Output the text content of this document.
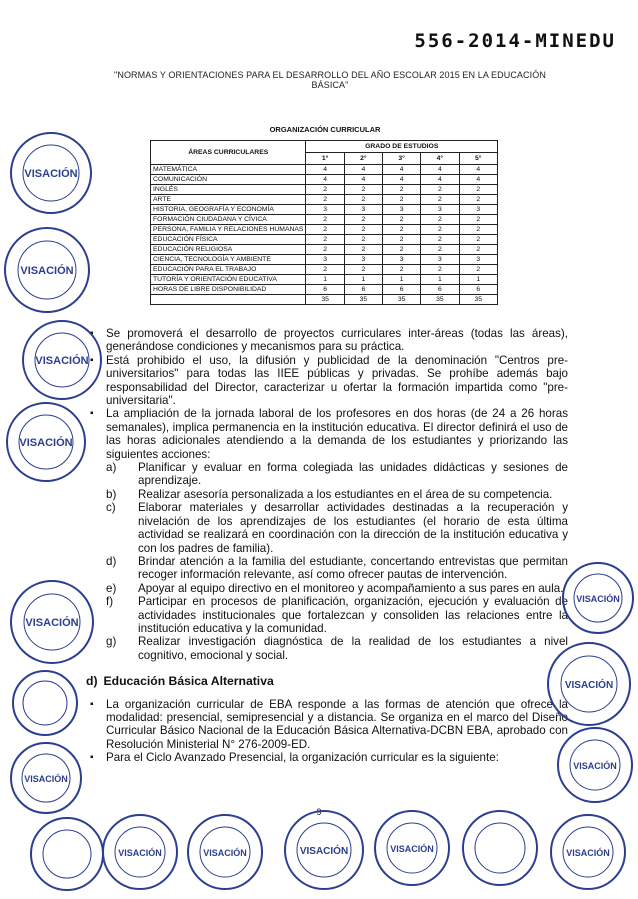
556-2014-MINEDU
"NORMAS Y ORIENTACIONES PARA EL DESARROLLO DEL AÑO ESCOLAR 2015 EN LA EDUCACIÓN BÁSICA"
ORGANIZACIÓN CURRICULAR
ÁREAS CURRICULARES	GRADO DE ESTUDIOS				
	1°	2°	3°	4°	5°
MATEMÁTICA	4	4	4	4	4
COMUNICACIÓN	4	4	4	4	4
INGLÉS	2	2	2	2	2
ARTE	2	2	2	2	2
HISTORIA, GEOGRAFÍA Y ECONOMÍA	3	3	3	3	3
FORMACIÓN CIUDADANA Y CÍVICA	2	2	2	2	2
PERSONA, FAMILIA Y RELACIONES HUMANAS	2	2	2	2	2
EDUCACIÓN FÍSICA	2	2	2	2	2
EDUCACIÓN RELIGIOSA	2	2	2	2	2
CIENCIA, TECNOLOGÍA Y AMBIENTE	3	3	3	3	3
EDUCACIÓN PARA EL TRABAJO	2	2	2	2	2
TUTORÍA Y ORIENTACIÓN EDUCATIVA	1	1	1	1	1
HORAS DE LIBRE DISPONIBILIDAD	6	6	6	6	6
	35	35	35	35	35
▪ Se promoverá el desarrollo de proyectos curriculares inter-áreas (todas las áreas), generándose condiciones y mecanismos para su práctica.
▪ Está prohibido el uso, la difusión y publicidad de la denominación "Centros pre-universitarios" para todas las IIEE públicas y privadas. Se prohíbe además bajo responsabilidad del Director, caracterizar u ofertar la formación impartida como "pre-universitaria".
▪ La ampliación de la jornada laboral de los profesores en dos horas (de 24 a 26 horas semanales), implica permanencia en la institución educativa. El director definirá el uso de las horas adicionales atendiendo a la demanda de los estudiantes y priorizando las siguientes acciones:
a) Planificar y evaluar en forma colegiada las unidades didácticas y sesiones de aprendizaje.
b) Realizar asesoría personalizada a los estudiantes en el área de su competencia.
c) Elaborar materiales y desarrollar actividades destinadas a la recuperación y nivelación de los aprendizajes de los estudiantes (el horario de esta última actividad se realizará en coordinación con la dirección de la institución educativa y con los padres de familia).
d) Brindar atención a la familia del estudiante, concertando entrevistas que permitan recoger información relevante, así como ofrecer pautas de intervención.
e) Apoyar al equipo directivo en el monitoreo y acompañamiento a sus pares en aula.
f) Participar en procesos de planificación, organización, ejecución y evaluación de actividades institucionales que fortalezcan y consoliden las relaciones entre la institución educativa y la comunidad.
g) Realizar investigación diagnóstica de la realidad de los estudiantes a nivel cognitivo, emocional y social.
d) Educación Básica Alternativa
▪ La organización curricular de EBA responde a las formas de atención que ofrece la modalidad: presencial, semipresencial y a distancia. Se organiza en el marco del Diseño Curricular Básico Nacional de la Educación Básica Alternativa-DCBN EBA, aprobado con Resolución Ministerial N° 276-2009-ED.
▪ Para el Ciclo Avanzado Presencial, la organización curricular es la siguiente:
9
VISACIÓN
VISACIÓN
VISACIÓN
VISACIÓN
VISACIÓN
VISACIÓN
VISACIÓN
VISACIÓN
VISACIÓN
VISACIÓN	VISACIÓN	VISACIÓN	VISACIÓN	VISACIÓN
